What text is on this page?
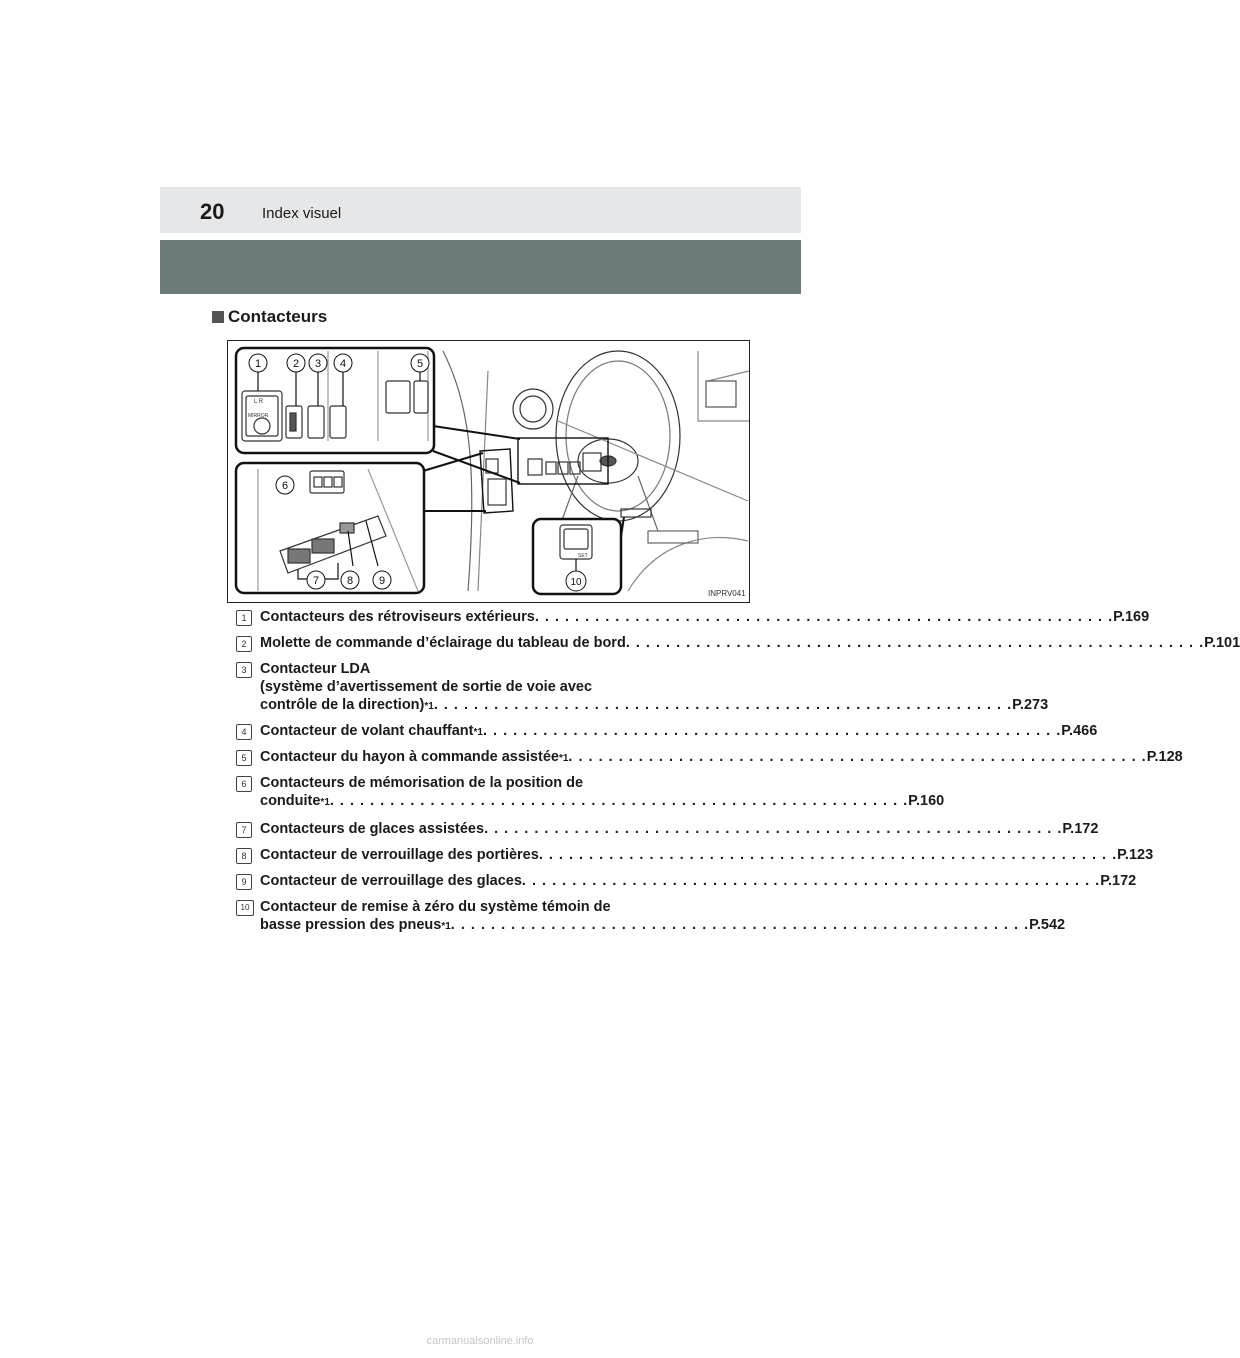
20	Index visuel
Contacteurs
L R
MIRROR
1	2 3 4	5
6
7	8 9
SET
10
INPRV041
1 Contacteurs des rétroviseurs extérieurs . . . . . . . . . . . . . . . . . . . . . . . . . . . . . . . . . . . . . . . . . . . . . . . . . . . . . . . . . . P.169
2 Molette de commande d’éclairage du tableau de bord . . . . . . . . . . . . . . . . . . . . . . . . . . . . . . . . . . . . . . . . . . . . . . . . . . . . . . . . . . P.101
3 Contacteur LDA
(système d’avertissement de sortie de voie avec
contrôle de la direction) *1 . . . . . . . . . . . . . . . . . . . . . . . . . . . . . . . . . . . . . . . . . . . . . . . . . . . . . . . . . . P.273
4 Contacteur de volant chauffant *1 . . . . . . . . . . . . . . . . . . . . . . . . . . . . . . . . . . . . . . . . . . . . . . . . . . . . . . . . . . P.466
5 Contacteur du hayon à commande assistée *1 . . . . . . . . . . . . . . . . . . . . . . . . . . . . . . . . . . . . . . . . . . . . . . . . . . . . . . . . . . P.128
6 Contacteurs de mémorisation de la position de
conduite *1 . . . . . . . . . . . . . . . . . . . . . . . . . . . . . . . . . . . . . . . . . . . . . . . . . . . . . . . . . . P.160
7 Contacteurs de glaces assistées . . . . . . . . . . . . . . . . . . . . . . . . . . . . . . . . . . . . . . . . . . . . . . . . . . . . . . . . . . P.172
8 Contacteur de verrouillage des portières . . . . . . . . . . . . . . . . . . . . . . . . . . . . . . . . . . . . . . . . . . . . . . . . . . . . . . . . . . P.123
9 Contacteur de verrouillage des glaces . . . . . . . . . . . . . . . . . . . . . . . . . . . . . . . . . . . . . . . . . . . . . . . . . . . . . . . . . . P.172
10 Contacteur de remise à zéro du système témoin de
basse pression des pneus *1 . . . . . . . . . . . . . . . . . . . . . . . . . . . . . . . . . . . . . . . . . . . . . . . . . . . . . . . . . . P.542
carmanualsonline.info
